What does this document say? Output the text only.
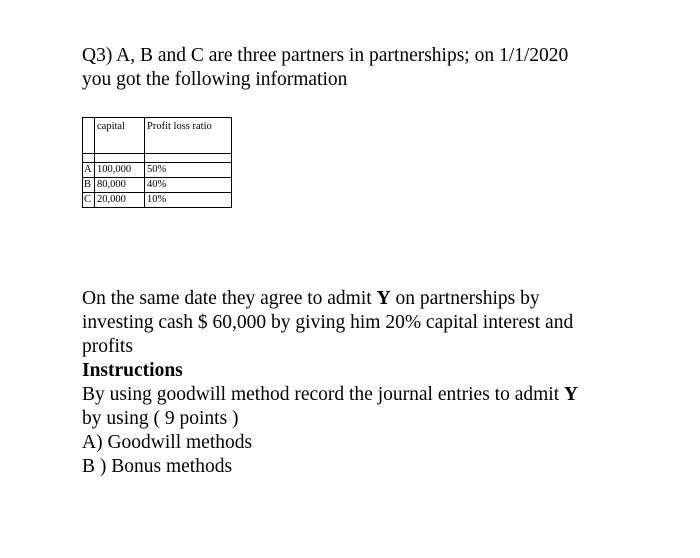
Q3) A, B and C are three partners in partnerships; on 1/1/2020
you got the following information
	capital	Profit loss ratio

A	100,000	50%
B	80,000	40%
C	20,000	10%
On the same date they agree to admit Y on partnerships by
investing cash $ 60,000 by giving him 20% capital interest and
profits
Instructions
By using goodwill method record the journal entries to admit Y
by using ( 9 points )
A) Goodwill methods
B ) Bonus methods
